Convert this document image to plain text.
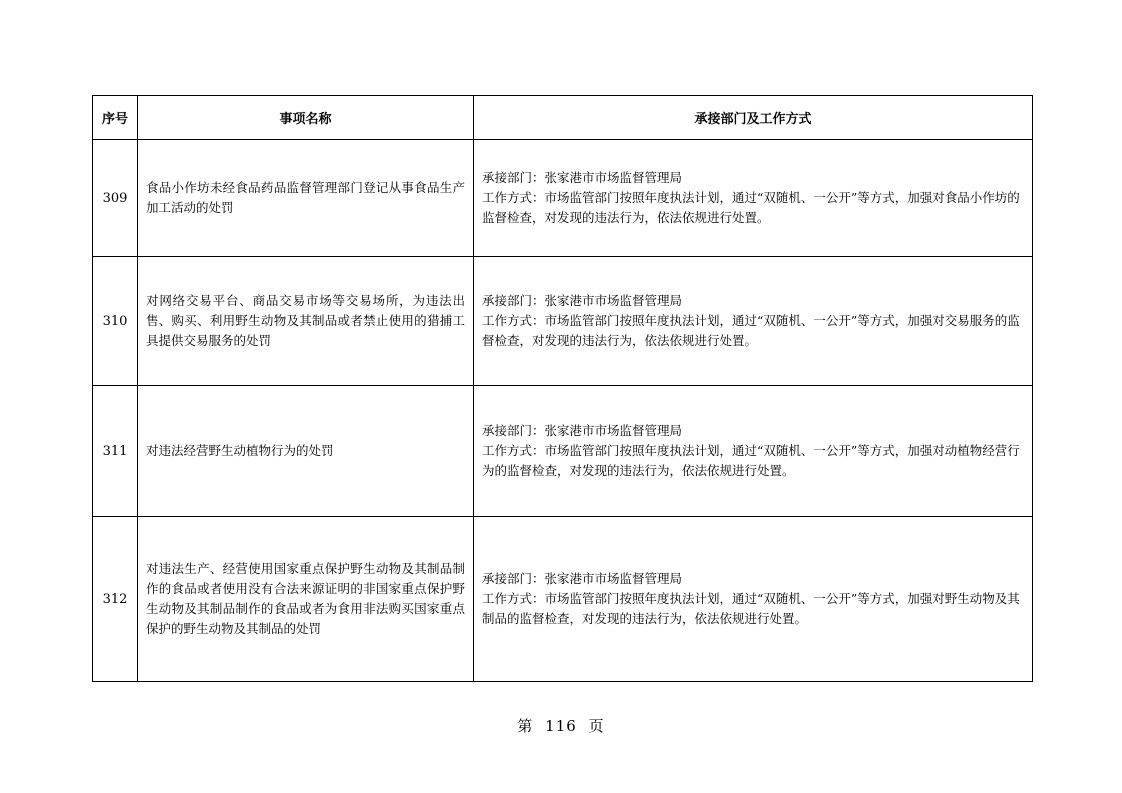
序号	事项名称	承接部门及工作方式
309	食品小作坊未经食品药品监督管理部门登记从事食品生产加工活动的处罚	承接部门：张家港市市场监督管理局
工作方式：市场监管部门按照年度执法计划，通过“双随机、一公开”等方式，加强对食品小作坊的监督检查，对发现的违法行为，依法依规进行处置。

310	对网络交易平台、商品交易市场等交易场所，为违法出售、购买、利用野生动物及其制品或者禁止使用的猎捕工具提供交易服务的处罚	承接部门：张家港市市场监督管理局
工作方式：市场监管部门按照年度执法计划，通过“双随机、一公开”等方式，加强对交易服务的监督检查，对发现的违法行为，依法依规进行处置。

311	对违法经营野生动植物行为的处罚	承接部门：张家港市市场监督管理局
工作方式：市场监管部门按照年度执法计划，通过“双随机、一公开”等方式，加强对动植物经营行为的监督检查，对发现的违法行为，依法依规进行处置。

312	对违法生产、经营使用国家重点保护野生动物及其制品制作的食品或者使用没有合法来源证明的非国家重点保护野生动物及其制品制作的食品或者为食用非法购买国家重点保护的野生动物及其制品的处罚	承接部门：张家港市市场监督管理局
工作方式：市场监管部门按照年度执法计划，通过“双随机、一公开”等方式，加强对野生动物及其制品的监督检查，对发现的违法行为，依法依规进行处置。
第 116 页
